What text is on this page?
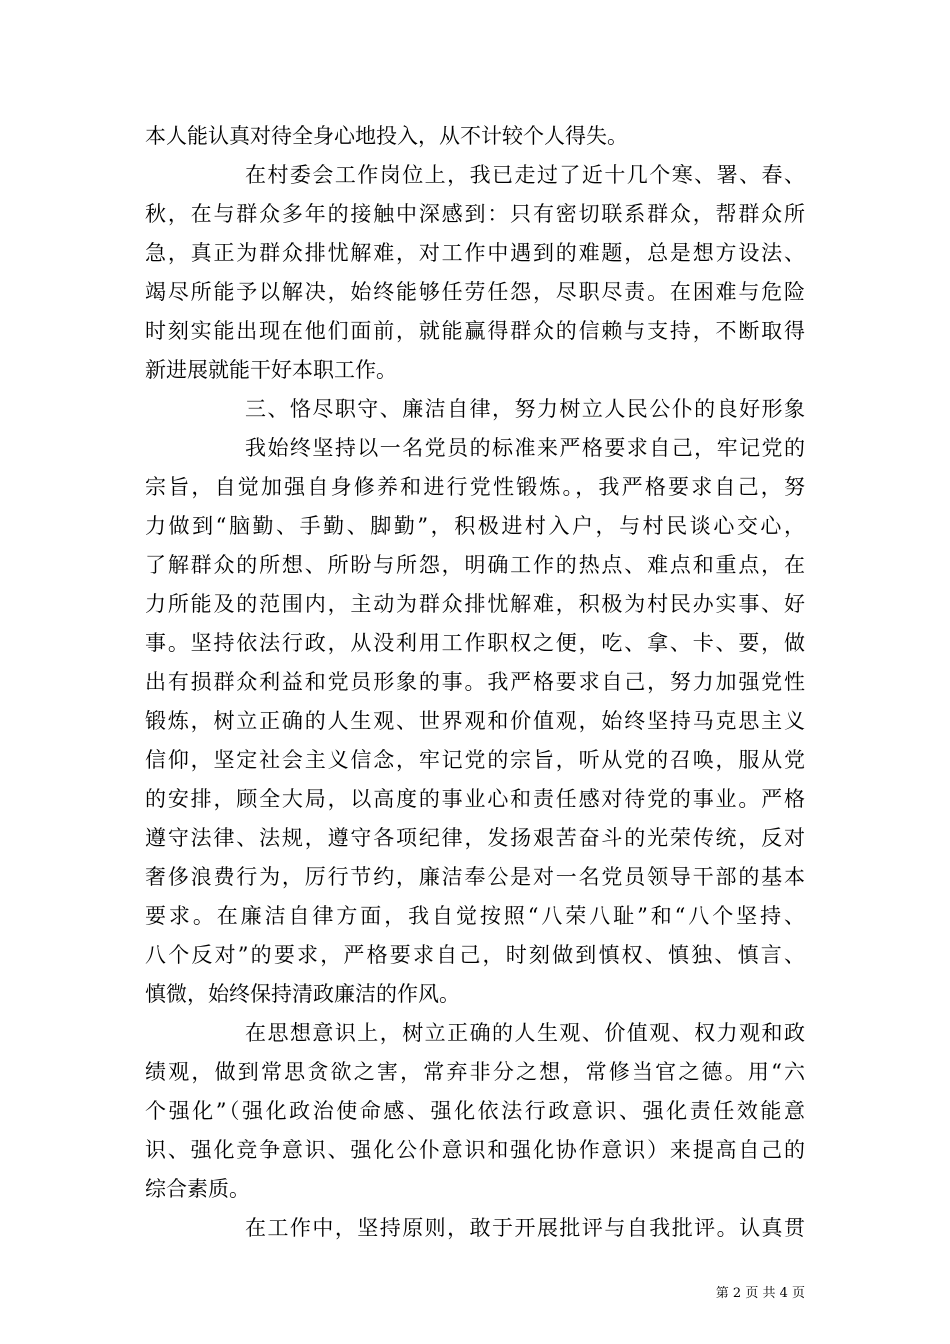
本人能认真对待全身心地投入，从不计较个人得失。
在村委会工作岗位上，我已走过了近十几个寒、署、春、
秋，在与群众多年的接触中深感到：只有密切联系群众，帮群众所
急，真正为群众排忧解难，对工作中遇到的难题，总是想方设法、
竭尽所能予以解决，始终能够任劳任怨，尽职尽责。在困难与危险
时刻实能出现在他们面前，就能赢得群众的信赖与支持，不断取得
新进展就能干好本职工作。
三、恪尽职守、廉洁自律，努力树立人民公仆的良好形象
我始终坚持以一名党员的标准来严格要求自己，牢记党的
宗旨，自觉加强自身修养和进行党性锻炼。，我严格要求自己，努
力做到“脑勤、手勤、脚勤”，积极进村入户，与村民谈心交心，
了解群众的所想、所盼与所怨，明确工作的热点、难点和重点，在
力所能及的范围内，主动为群众排忧解难，积极为村民办实事、好
事。坚持依法行政，从没利用工作职权之便，吃、拿、卡、要，做
出有损群众利益和党员形象的事。我严格要求自己，努力加强党性
锻炼，树立正确的人生观、世界观和价值观，始终坚持马克思主义
信仰，坚定社会主义信念，牢记党的宗旨，听从党的召唤，服从党
的安排，顾全大局，以高度的事业心和责任感对待党的事业。严格
遵守法律、法规，遵守各项纪律，发扬艰苦奋斗的光荣传统，反对
奢侈浪费行为，厉行节约，廉洁奉公是对一名党员领导干部的基本
要求。在廉洁自律方面，我自觉按照“八荣八耻”和“八个坚持、
八个反对”的要求，严格要求自己，时刻做到慎权、慎独、慎言、
慎微，始终保持清政廉洁的作风。
在思想意识上，树立正确的人生观、价值观、权力观和政
绩观，做到常思贪欲之害，常弃非分之想，常修当官之德。用“六
个强化”（强化政治使命感、强化依法行政意识、强化责任效能意
识、强化竞争意识、强化公仆意识和强化协作意识）来提高自己的
综合素质。
在工作中，坚持原则，敢于开展批评与自我批评。认真贯
第 2 页 共 4 页
